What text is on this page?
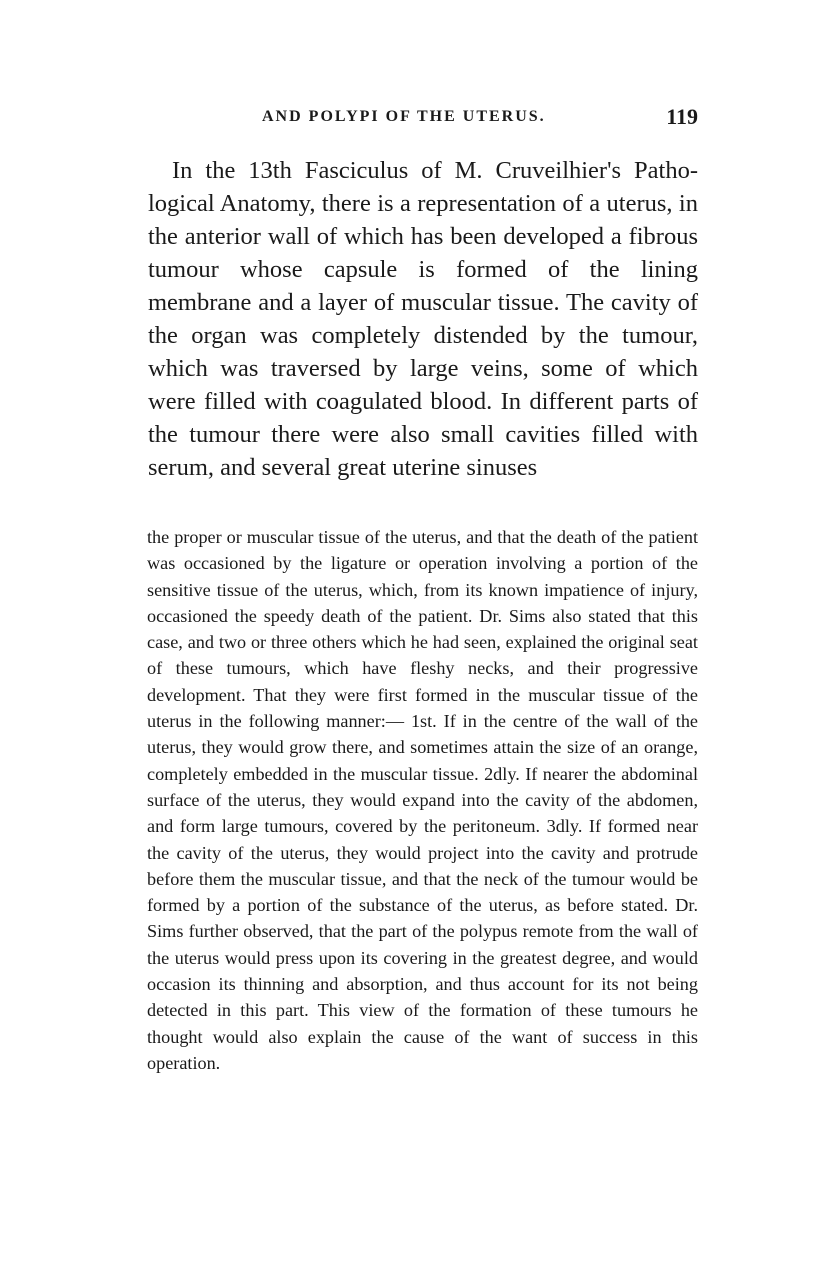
AND POLYPI OF THE UTERUS.	119

In the 13th Fasciculus of M. Cruveilhier's Pathological Anatomy, there is a representation of a uterus, in the anterior wall of which has been developed a fibrous tumour whose capsule is formed of the lining membrane and a layer of muscular tissue. The cavity of the organ was completely distended by the tumour, which was traversed by large veins, some of which were filled with coagulated blood. In different parts of the tumour there were also small cavities filled with serum, and several great uterine sinuses

the proper or muscular tissue of the uterus, and that the death of the patient was occasioned by the ligature or operation involving a portion of the sensitive tissue of the uterus, which, from its known impatience of injury, occasioned the speedy death of the patient. Dr. Sims also stated that this case, and two or three others which he had seen, explained the original seat of these tumours, which have fleshy necks, and their progressive development. That they were first formed in the muscular tissue of the uterus in the following manner:— 1st. If in the centre of the wall of the uterus, they would grow there, and sometimes attain the size of an orange, completely embedded in the muscular tissue. 2dly. If nearer the abdominal surface of the uterus, they would expand into the cavity of the abdomen, and form large tumours, covered by the peritoneum. 3dly. If formed near the cavity of the uterus, they would project into the cavity and protrude before them the muscular tissue, and that the neck of the tumour would be formed by a portion of the substance of the uterus, as before stated. Dr. Sims further observed, that the part of the polypus remote from the wall of the uterus would press upon its covering in the greatest degree, and would occasion its thinning and absorption, and thus account for its not being detected in this part. This view of the formation of these tumours he thought would also explain the cause of the want of success in this operation.
